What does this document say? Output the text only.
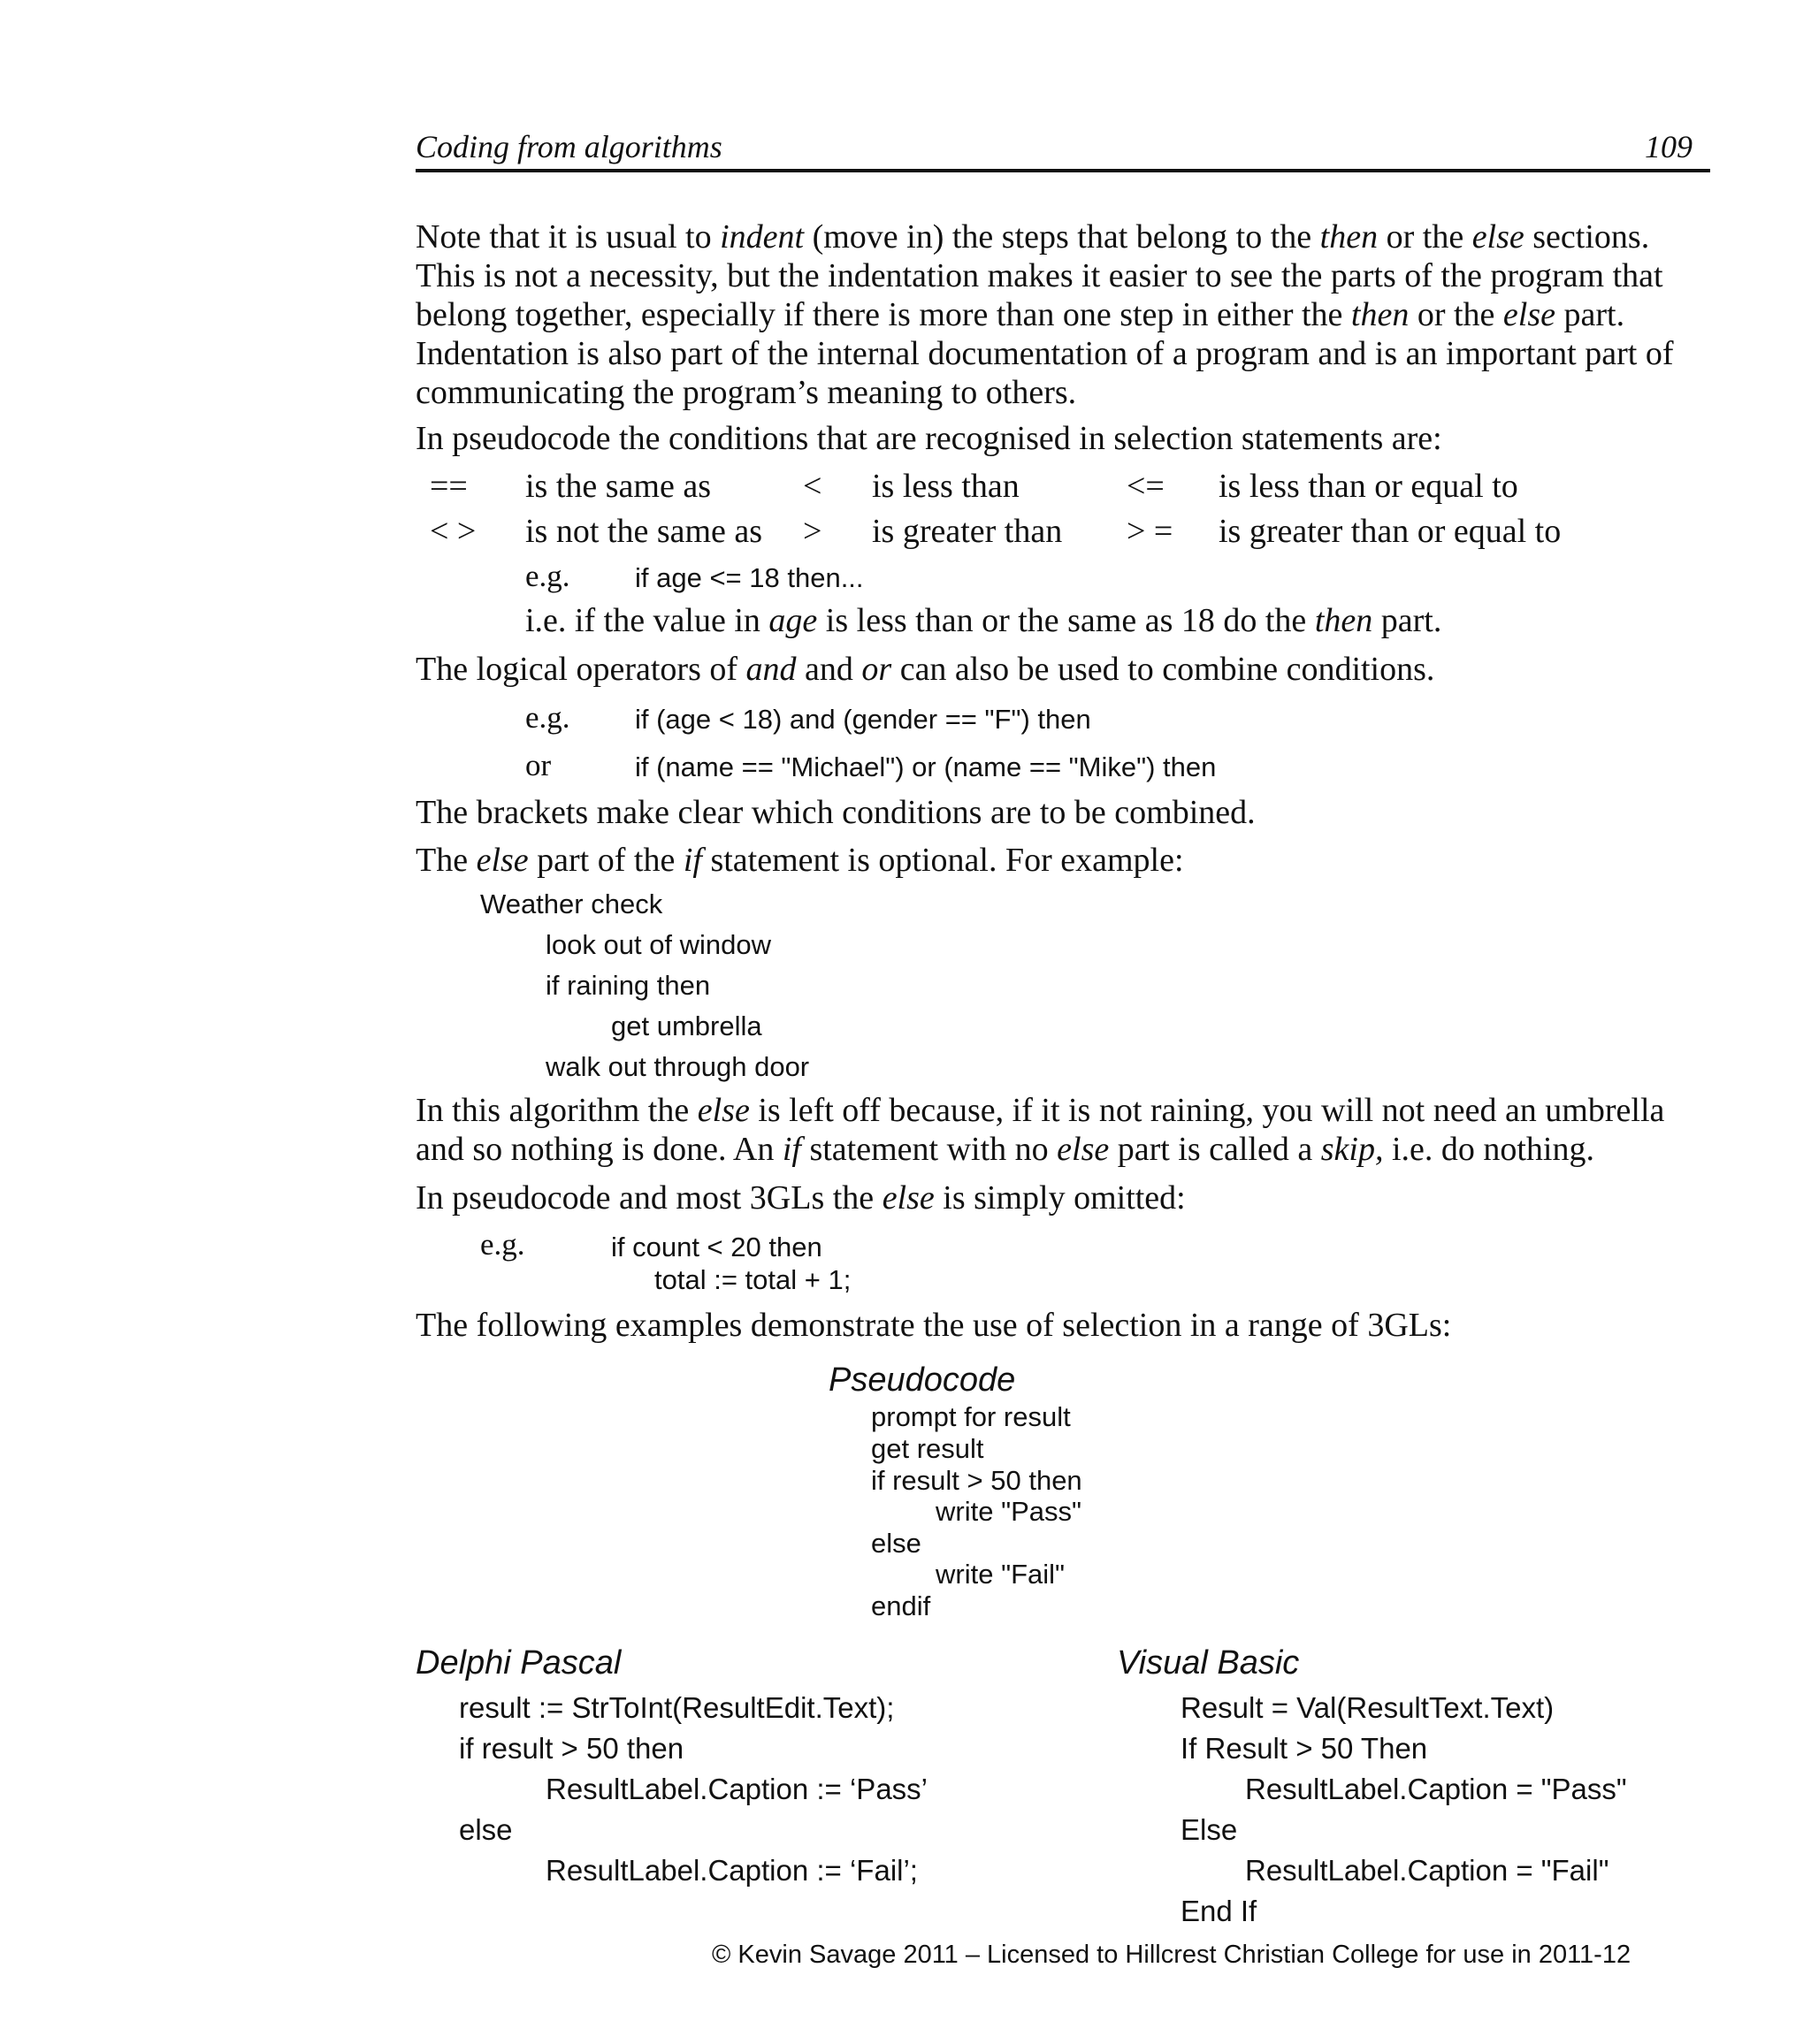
Coding from algorithms	109
Note that it is usual to indent (move in) the steps that belong to the then or the else sections.
This is not a necessity, but the indentation makes it easier to see the parts of the program that
belong together, especially if there is more than one step in either the then or the else part.
Indentation is also part of the internal documentation of a program and is an important part of
communicating the program’s meaning to others.
In pseudocode the conditions that are recognised in selection statements are:
== is the same as	< is less than	<= is less than or equal to
< > is not the same as > is greater than > = is greater than or equal to
e.g. if age <= 18 then...
i.e. if the value in age is less than or the same as 18 do the then part.
The logical operators of and and or can also be used to combine conditions.
e.g. if (age < 18) and (gender == "F") then
or	if (name == "Michael") or (name == "Mike") then
The brackets make clear which conditions are to be combined.
The else part of the if statement is optional. For example:
Weather check
look out of window
if raining then
get umbrella
walk out through door
In this algorithm the else is left off because, if it is not raining, you will not need an umbrella
and so nothing is done. An if statement with no else part is called a skip, i.e. do nothing.
In pseudocode and most 3GLs the else is simply omitted:
e.g.	if count < 20 then
total := total + 1;
The following examples demonstrate the use of selection in a range of 3GLs:
Pseudocode
prompt for result
get result
if result > 50 then
write "Pass"
else
write "Fail"
endif
Delphi Pascal
result := StrToInt(ResultEdit.Text);
if result > 50 then
ResultLabel.Caption := ‘Pass’
else
ResultLabel.Caption := ‘Fail’;
Visual Basic
Result = Val(ResultText.Text)
If Result > 50 Then
ResultLabel.Caption = "Pass"
Else
ResultLabel.Caption = "Fail"
End If
© Kevin Savage 2011 – Licensed to Hillcrest Christian College for use in 2011-12
